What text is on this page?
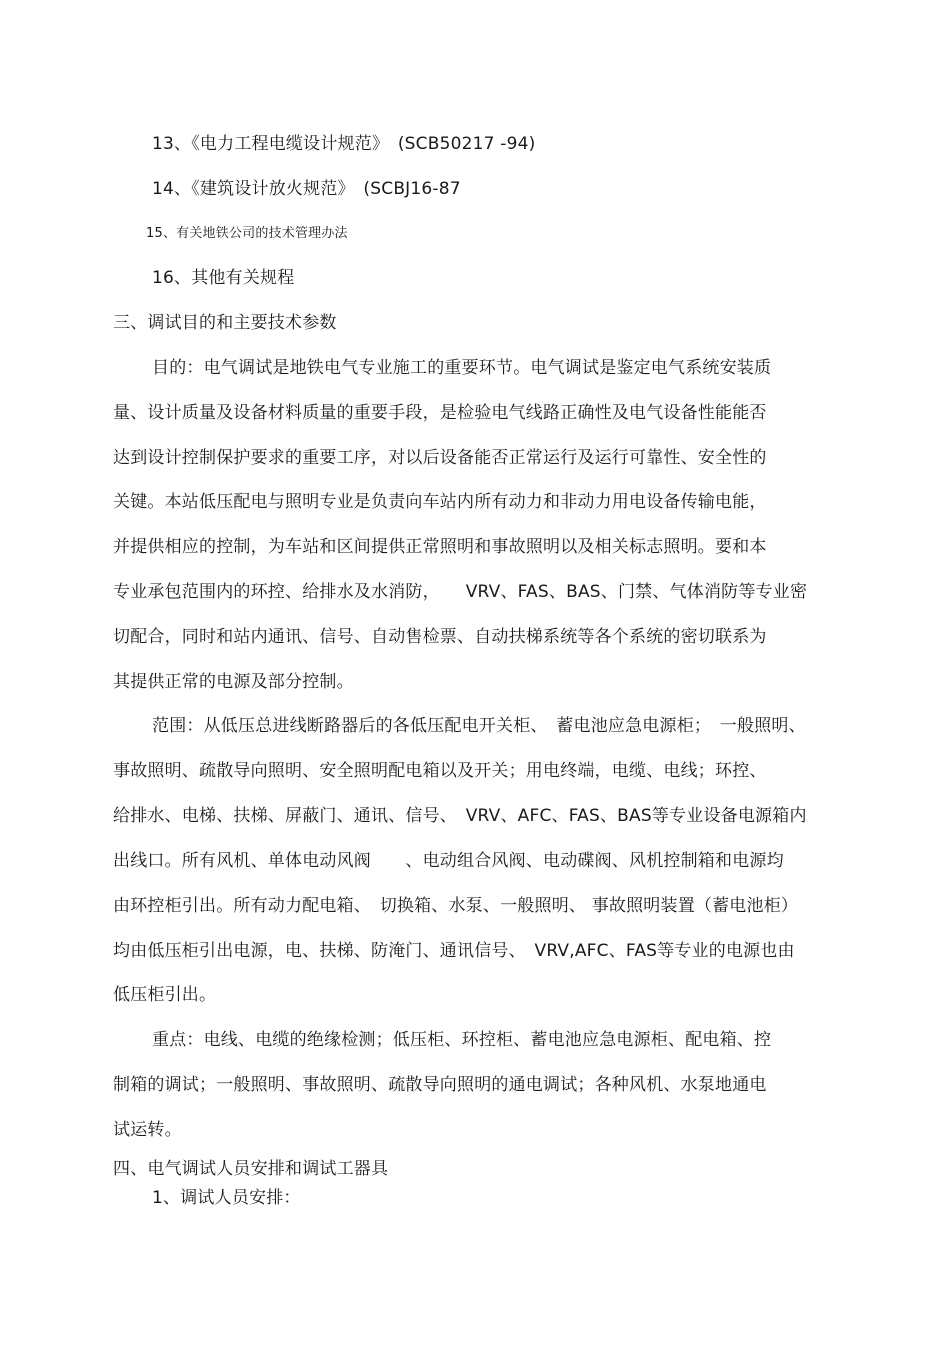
13、《电力工程电缆设计规范》　(SCB50217 -94)
14、《建筑设计放火规范》　(SCBJ16-87
15、有关地铁公司的技术管理办法
16、其他有关规程
三、调试目的和主要技术参数
目的：电气调试是地铁电气专业施工的重要环节。电气调试是鉴定电气系统安装质
量、设计质量及设备材料质量的重要手段，是检验电气线路正确性及电气设备性能能否
达到设计控制保护要求的重要工序，对以后设备能否正常运行及运行可靠性、安全性的
关键。本站低压配电与照明专业是负责向车站内所有动力和非动力用电设备传输电能，
并提供相应的控制，为车站和区间提供正常照明和事故照明以及相关标志照明。要和本
专业承包范围内的环控、给排水及水消防，　　VRV、FAS、BAS、门禁、气体消防等专业密
切配合，同时和站内通讯、信号、自动售检票、自动扶梯系统等各个系统的密切联系为
其提供正常的电源及部分控制。
范围：从低压总进线断路器后的各低压配电开关柜、　蓄电池应急电源柜；　一般照明、
事故照明、疏散导向照明、安全照明配电箱以及开关；用电终端，电缆、电线；环控、
给排水、电梯、扶梯、屏蔽门、通讯、信号、　VRV、AFC、FAS、BAS等专业设备电源箱内
出线口。所有风机、单体电动风阀　　、电动组合风阀、电动碟阀、风机控制箱和电源均
由环控柜引出。所有动力配电箱、　切换箱、水泵、一般照明、 事故照明装置（蓄电池柜）
均由低压柜引出电源，电、扶梯、防淹门、通讯信号、　VRV,AFC、FAS等专业的电源也由
低压柜引出。
重点：电线、电缆的绝缘检测；低压柜、环控柜、蓄电池应急电源柜、配电箱、控
制箱的调试；一般照明、事故照明、疏散导向照明的通电调试；各种风机、水泵地通电
试运转。
四、电气调试人员安排和调试工器具
1、调试人员安排：
